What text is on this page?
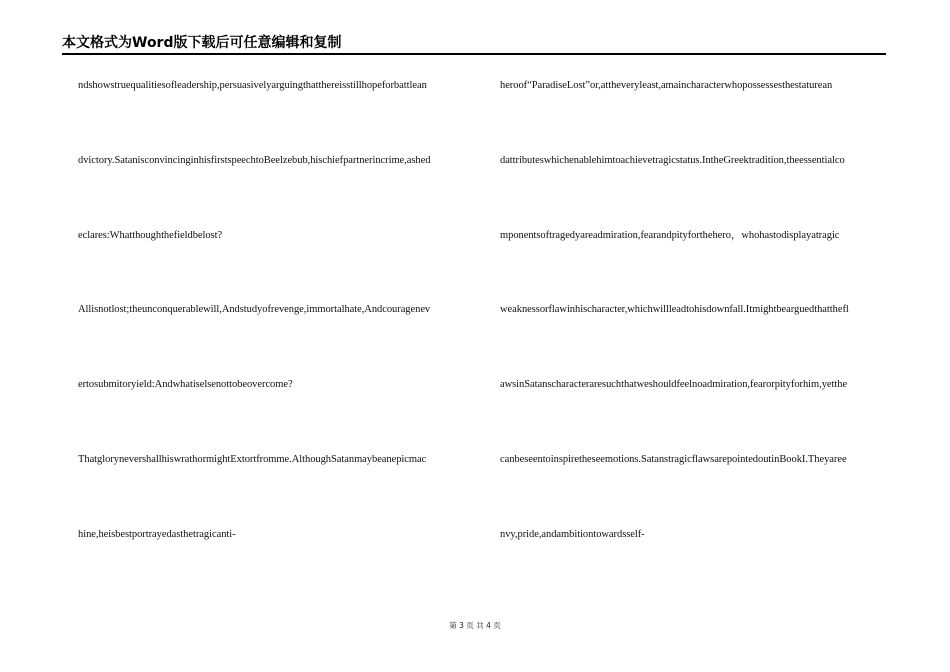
本文格式为Word版下载后可任意编辑和复制
ndshowstruequalitiesofleadership,persuasivelyarguingthatthereisstillhopeforbattlean
dvictory.SatanisconvincinginhisfirstspeechtoBeelzebub,hischiefpartnerincrime,ashed
eclares:Whatthoughthefieldbelost?
Allisnotlost;theunconquerablewill,Andstudyofrevenge,immortalhate,Andcouragenev
ertosubmitoryield:Andwhatiselsenottobeovercome?
ThatglorynevershallhiswrathormightExtortfromme.AlthoughSatanmaybeanepicmac
hine,heisbestportrayedasthetragicanti-
heroof“ParadiseLost”or,attheveryleast,amaincharacterwhopossessesthestaturean
dattributeswhichenablehimtoachievetragicstatus.IntheGreektradition,theessentialco
mponentsoftragedyareadmiration,fearandpityforthehero，whohastodisplayatragic
weaknessorflawinhischaracter,whichwillleadtohisdownfall.Itmightbearguedthatthefl
awsinSatanscharacteraresuchthatweshouldfeelnoadmiration,fearorpityforhim,yetthe
canbeseentoinspiretheseemotions.SatanstragicflawsarepointedoutinBookI.Theyaree
nvy,pride,andambitiontowardsself-
第 3 页 共 4 页
